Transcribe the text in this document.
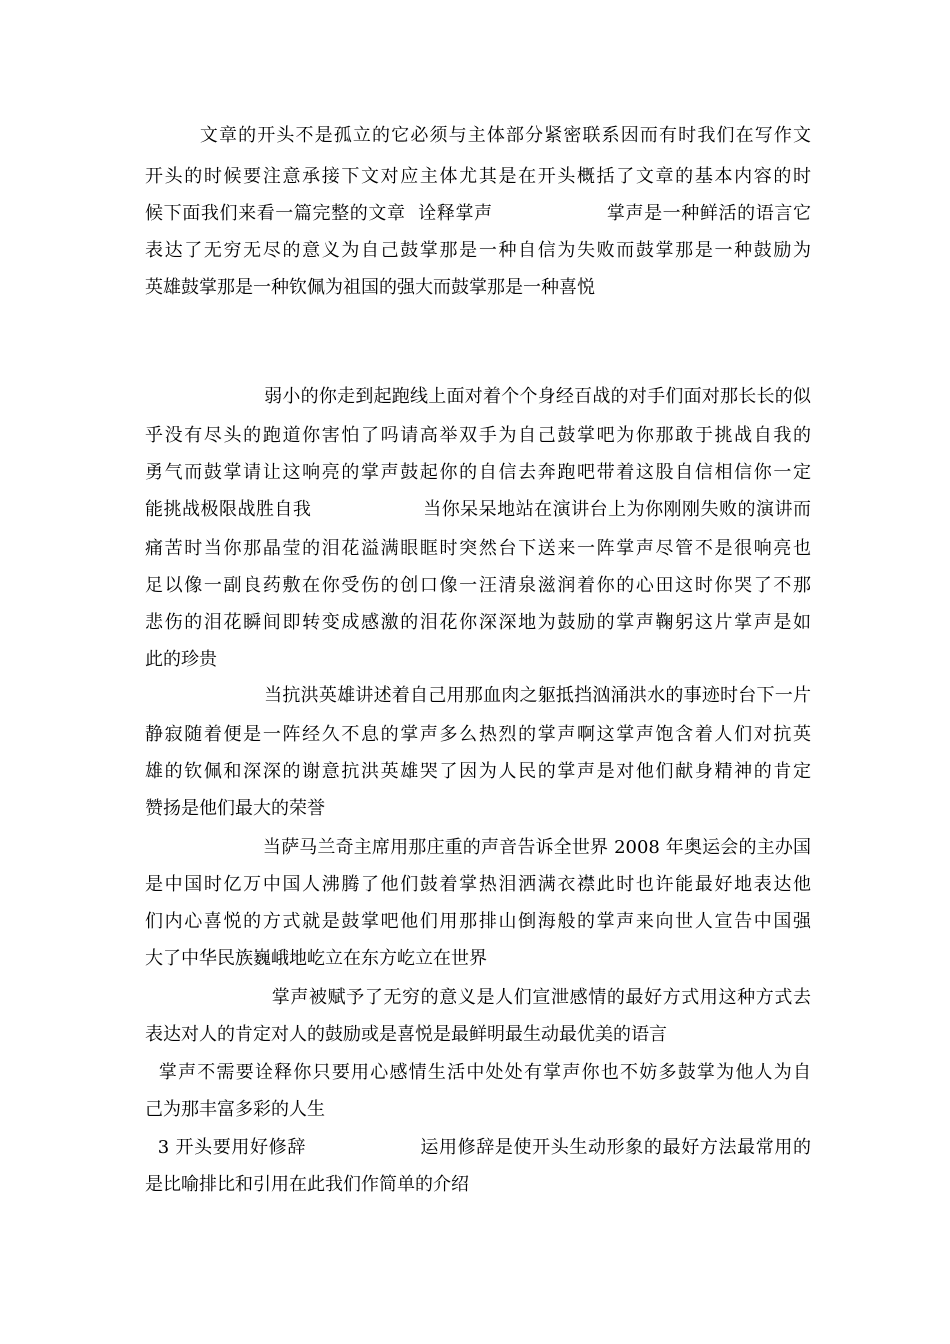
文章的开头不是孤立的它必须与主体部分紧密联系因而有时我们在写作文
开头的时候要注意承接下文对应主体尤其是在开头概括了文章的基本内容的时
候下面我们来看一篇完整的文章  诠释掌声                  掌声是一种鲜活的语言它
表达了无穷无尽的意义为自己鼓掌那是一种自信为失败而鼓掌那是一种鼓励为
英雄鼓掌那是一种钦佩为祖国的强大而鼓掌那是一种喜悦
弱小的你走到起跑线上面对着个个身经百战的对手们面对那长长的似
乎没有尽头的跑道你害怕了吗请高举双手为自己鼓掌吧为你那敢于挑战自我的
勇气而鼓掌请让这响亮的掌声鼓起你的自信去奔跑吧带着这股自信相信你一定
能挑战极限战胜自我                  当你呆呆地站在演讲台上为你刚刚失败的演讲而
痛苦时当你那晶莹的泪花溢满眼眶时突然台下送来一阵掌声尽管不是很响亮也
足以像一副良药敷在你受伤的创口像一汪清泉滋润着你的心田这时你哭了不那
悲伤的泪花瞬间即转变成感激的泪花你深深地为鼓励的掌声鞠躬这片掌声是如
此的珍贵
当抗洪英雄讲述着自己用那血肉之躯抵挡汹涌洪水的事迹时台下一片
静寂随着便是一阵经久不息的掌声多么热烈的掌声啊这掌声饱含着人们对抗英
雄的钦佩和深深的谢意抗洪英雄哭了因为人民的掌声是对他们献身精神的肯定
赞扬是他们最大的荣誉
当萨马兰奇主席用那庄重的声音告诉全世界 2008 年奥运会的主办国
是中国时亿万中国人沸腾了他们鼓着掌热泪洒满衣襟此时也许能最好地表达他
们内心喜悦的方式就是鼓掌吧他们用那排山倒海般的掌声来向世人宣告中国强
大了中华民族巍峨地屹立在东方屹立在世界
掌声被赋予了无穷的意义是人们宣泄感情的最好方式用这种方式去
表达对人的肯定对人的鼓励或是喜悦是最鲜明最生动最优美的语言
掌声不需要诠释你只要用心感情生活中处处有掌声你也不妨多鼓掌为他人为自
己为那丰富多彩的人生
3 开头要用好修辞                  运用修辞是使开头生动形象的最好方法最常用的
是比喻排比和引用在此我们作简单的介绍
